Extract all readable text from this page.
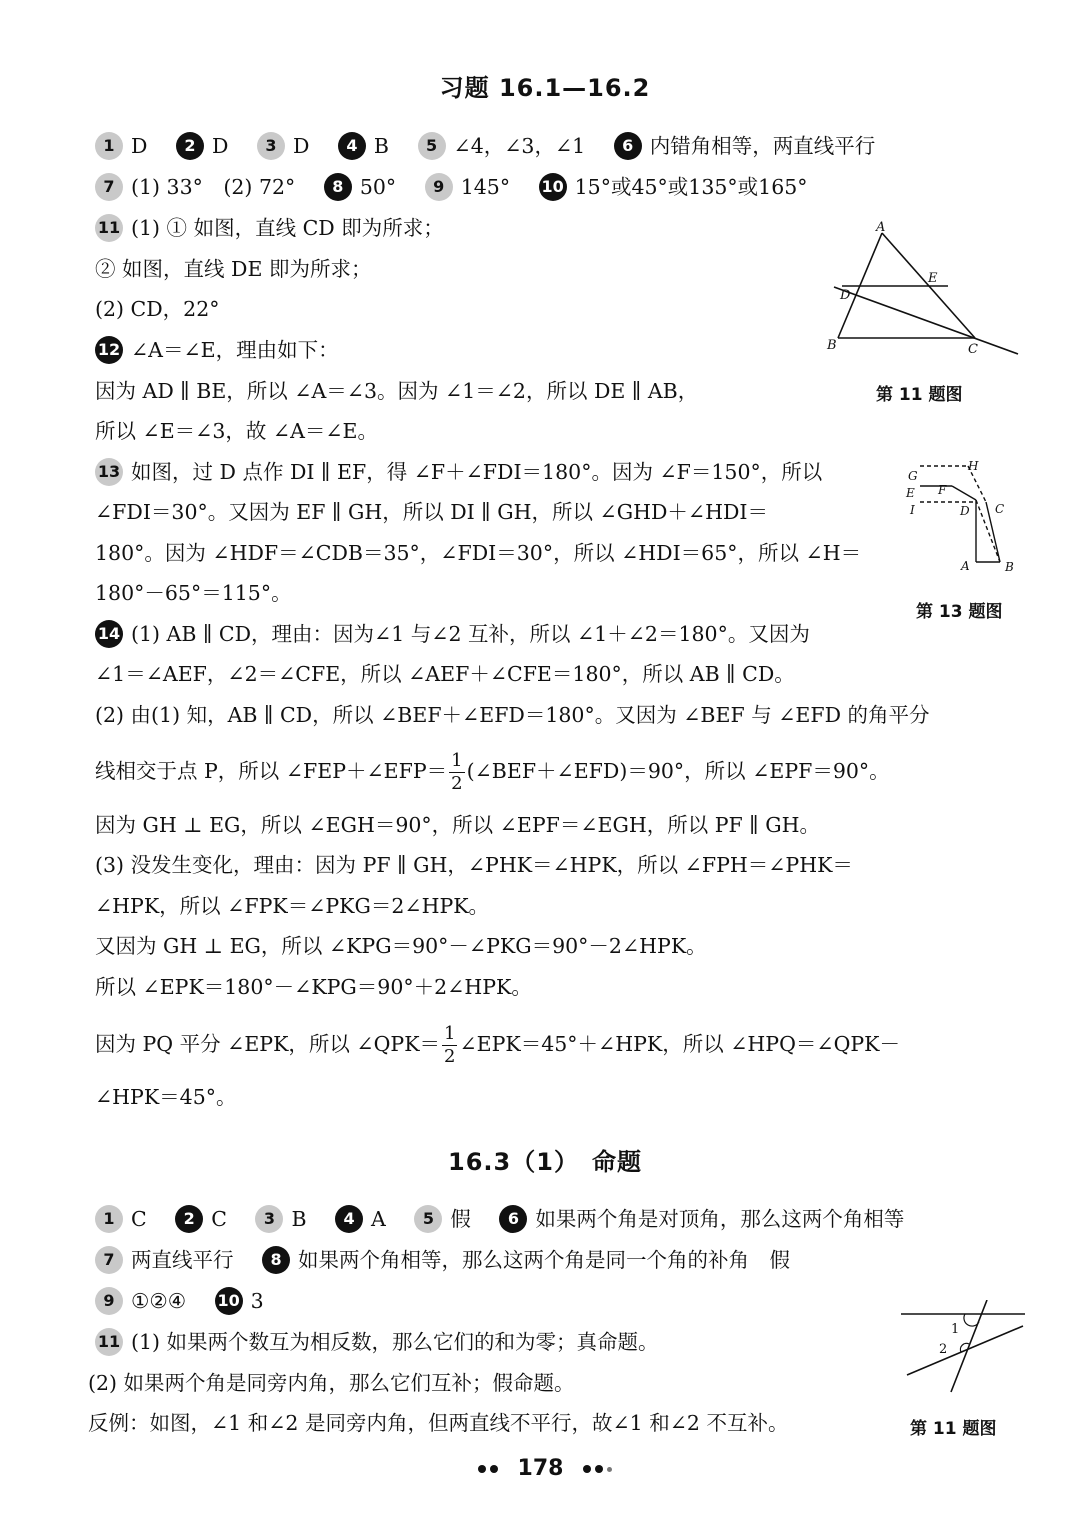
习题 16.1—16.2
1 D 2 D 3 D 4 B 5 ∠4，∠3，∠1 6 内错角相等，两直线平行
7 (1) 33°　(2) 72° 8 50° 9 145° 10 15°或45°或135°或165°
11 (1) ① 如图，直线 CD 即为所求；
② 如图，直线 DE 即为所求；
(2) CD，22°
12 ∠A＝∠E，理由如下：
因为 AD ∥ BE，所以 ∠A＝∠3。因为 ∠1＝∠2，所以 DE ∥ AB，
所以 ∠E＝∠3，故 ∠A＝∠E。
13 如图，过 D 点作 DI ∥ EF，得 ∠F＋∠FDI＝180°。因为 ∠F＝150°，所以
∠FDI＝30°。又因为 EF ∥ GH，所以 DI ∥ GH，所以 ∠GHD＋∠HDI＝
180°。因为 ∠HDF＝∠CDB＝35°，∠FDI＝30°，所以 ∠HDI＝65°，所以 ∠H＝
180°－65°＝115°。
14 (1) AB ∥ CD，理由：因为∠1 与∠2 互补，所以 ∠1＋∠2＝180°。又因为
∠1＝∠AEF，∠2＝∠CFE，所以 ∠AEF＋∠CFE＝180°，所以 AB ∥ CD。
(2) 由(1) 知，AB ∥ CD，所以 ∠BEF＋∠EFD＝180°。又因为 ∠BEF 与 ∠EFD 的角平分
线相交于点 P，所以 ∠FEP＋∠EFP＝ $\frac{1}{2}$ (∠BEF＋∠EFD)＝90°，所以 ∠EPF＝90°。
因为 GH ⊥ EG，所以 ∠EGH＝90°，所以 ∠EPF＝∠EGH，所以 PF ∥ GH。
(3) 没发生变化，理由：因为 PF ∥ GH，∠PHK＝∠HPK，所以 ∠FPH＝∠PHK＝
∠HPK，所以 ∠FPK＝∠PKG＝2∠HPK。
又因为 GH ⊥ EG，所以 ∠KPG＝90°－∠PKG＝90°－2∠HPK。
所以 ∠EPK＝180°－∠KPG＝90°＋2∠HPK。
因为 PQ 平分 ∠EPK，所以 ∠QPK＝ $\frac{1}{2}$ ∠EPK＝45°＋∠HPK，所以 ∠HPQ＝∠QPK－
∠HPK＝45°。
A
E
D
B	C
第 11 题图
G
H
E F
I	D C
A	B
第 13 题图
16.3（1）　命题
1 C 2 C 3 B 4 A 5 假 6 如果两个角是对顶角，那么这两个角相等
7 两直线平行 8 如果两个角相等，那么这两个角是同一个角的补角　假
9 ①②④ 10 3
11 (1) 如果两个数互为相反数，那么它们的和为零；真命题。
(2) 如果两个角是同旁内角，那么它们互补；假命题。
反例：如图，∠1 和∠2 是同旁内角，但两直线不平行，故∠1 和∠2 不互补。
1
2
第 11 题图
178
